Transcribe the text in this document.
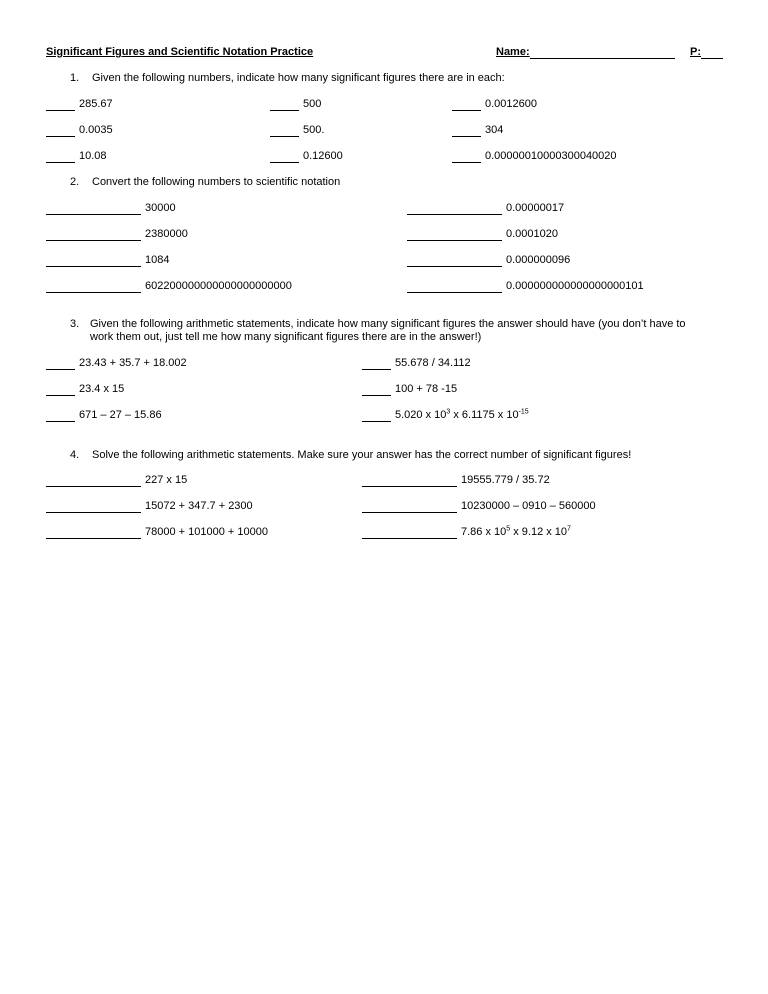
Significant Figures and Scientific Notation Practice	Name:	P:
1. Given the following numbers, indicate how many significant figures there are in each:
285.67	500	0.0012600
0.0035	500.	304
10.08	0.12600	0.00000010000300040020
2. Convert the following numbers to scientific notation
30000	0.00000017
2380000	0.0001020
1084	0.000000096
602200000000000000000000	0.000000000000000000101
3. Given the following arithmetic statements, indicate how many significant figures the answer should have (you don’t have to work them out, just tell me how many significant figures there are in the answer!)
23.43 + 35.7 + 18.002	55.678 / 34.112
23.4 x 15	100 + 78 -15
671 – 27 – 15.86	5.020 x $10^3$ x 6.1175 x $10^{-15}$
4. Solve the following arithmetic statements. Make sure your answer has the correct number of significant figures!
227 x 15	19555.779 / 35.72
15072 + 347.7 + 2300	10230000 – 0910 – 560000
78000 + 101000 + 10000	7.86 x $10^5$ x 9.12 x $10^7$
